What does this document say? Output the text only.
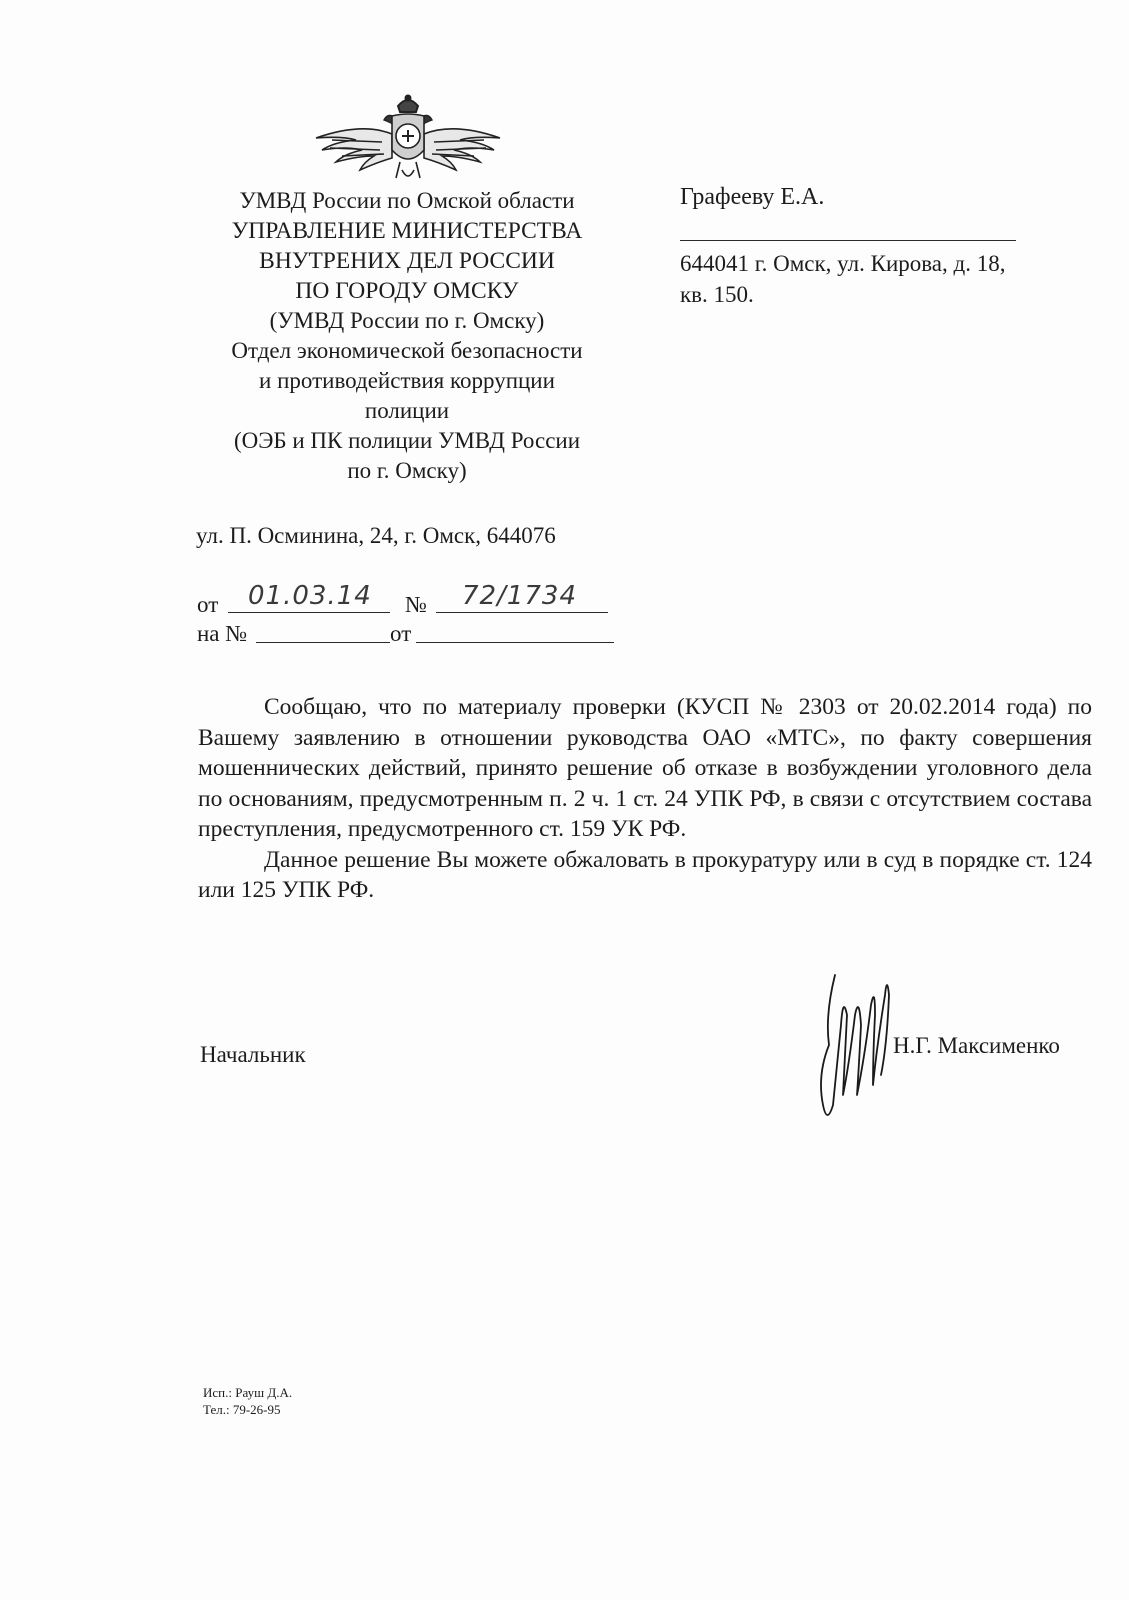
УМВД России по Омской области
УПРАВЛЕНИЕ МИНИСТЕРСТВА
ВНУТРЕНИХ ДЕЛ РОССИИ
ПО ГОРОДУ ОМСКУ
(УМВД России по г. Омску)
Отдел экономической безопасности
и противодействия коррупции
полиции
(ОЭБ и ПК полиции УМВД России
по г. Омску)
ул. П. Осминина, 24, г. Омск, 644076
от 01.03.14 № 72/1734
на №	от
Графееву Е.А.
644041 г. Омск, ул. Кирова, д. 18,
кв. 150.

Сообщаю, что по материалу проверки (КУСП № 2303 от 20.02.2014 года) по Вашему заявлению в отношении руководства ОАО «МТС», по факту совершения мошеннических действий, принято решение об отказе в возбуждении уголовного дела по основаниям, предусмотренным п. 2 ч. 1 ст. 24 УПК РФ, в связи с отсутствием состава преступления, предусмотренного ст. 159 УК РФ.

Данное решение Вы можете обжаловать в прокуратуру или в суд в порядке ст. 124 или 125 УПК РФ.

Начальник	Н.Г. Максименко
Исп.: Рауш Д.А.
Тел.: 79-26-95
